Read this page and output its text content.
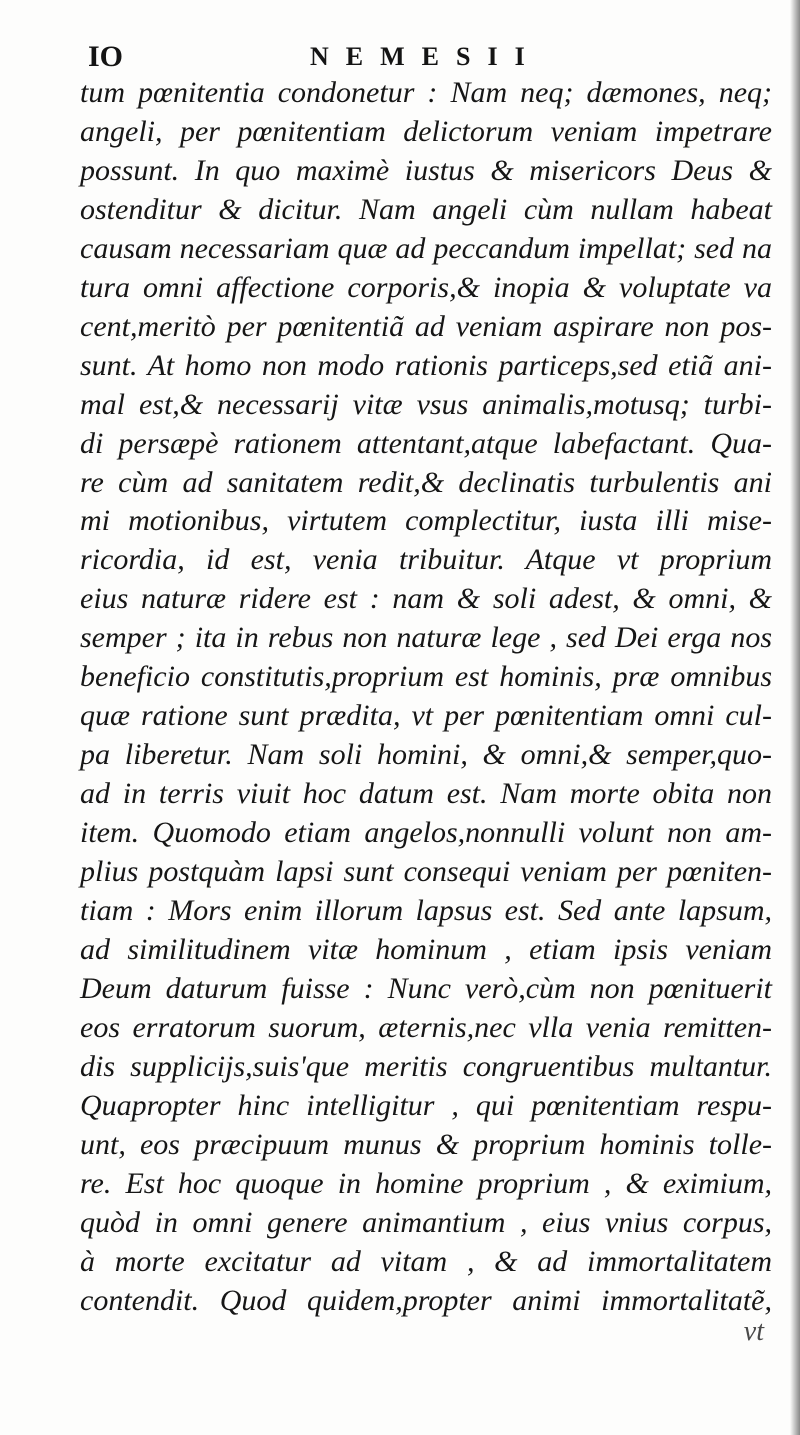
IO	NEMESII
tum pœnitentia condonetur : Nam neq; dæmones, neq;
angeli, per pœnitentiam delictorum veniam impetrare
possunt. In quo maximè iustus & misericors Deus &
ostenditur & dicitur. Nam angeli cùm nullam habeat
causam necessariam quæ ad peccandum impellat; sed na
tura omni affectione corporis,& inopia & voluptate va
cent,meritò per pœnitentiã ad veniam aspirare non pos-
sunt. At homo non modo rationis particeps,sed etiã ani-
mal est,& necessarij vitæ vsus animalis,motusq; turbi-
di persæpè rationem attentant,atque labefactant. Qua-
re cùm ad sanitatem redit,& declinatis turbulentis ani
mi motionibus, virtutem complectitur, iusta illi mise-
ricordia, id est, venia tribuitur. Atque vt proprium
eius naturæ ridere est : nam & soli adest, & omni, &
semper ; ita in rebus non naturæ lege , sed Dei erga nos
beneficio constitutis,proprium est hominis, præ omnibus
quæ ratione sunt prædita, vt per pœnitentiam omni cul-
pa liberetur. Nam soli homini, & omni,& semper,quo-
ad in terris viuit hoc datum est. Nam morte obita non
item. Quomodo etiam angelos,nonnulli volunt non am-
plius postquàm lapsi sunt consequi veniam per pœniten-
tiam : Mors enim illorum lapsus est. Sed ante lapsum,
ad similitudinem vitæ hominum , etiam ipsis veniam
Deum daturum fuisse : Nunc verò,cùm non pœnituerit
eos erratorum suorum, æternis,nec vlla venia remitten-
dis supplicijs,suis'que meritis congruentibus multantur.
Quapropter hinc intelligitur , qui pœnitentiam respu-
unt, eos præcipuum munus & proprium hominis tolle-
re. Est hoc quoque in homine proprium , & eximium,
quòd in omni genere animantium , eius vnius corpus,
à morte excitatur ad vitam , & ad immortalitatem
contendit. Quod quidem,propter animi immortalitatẽ,
vt
